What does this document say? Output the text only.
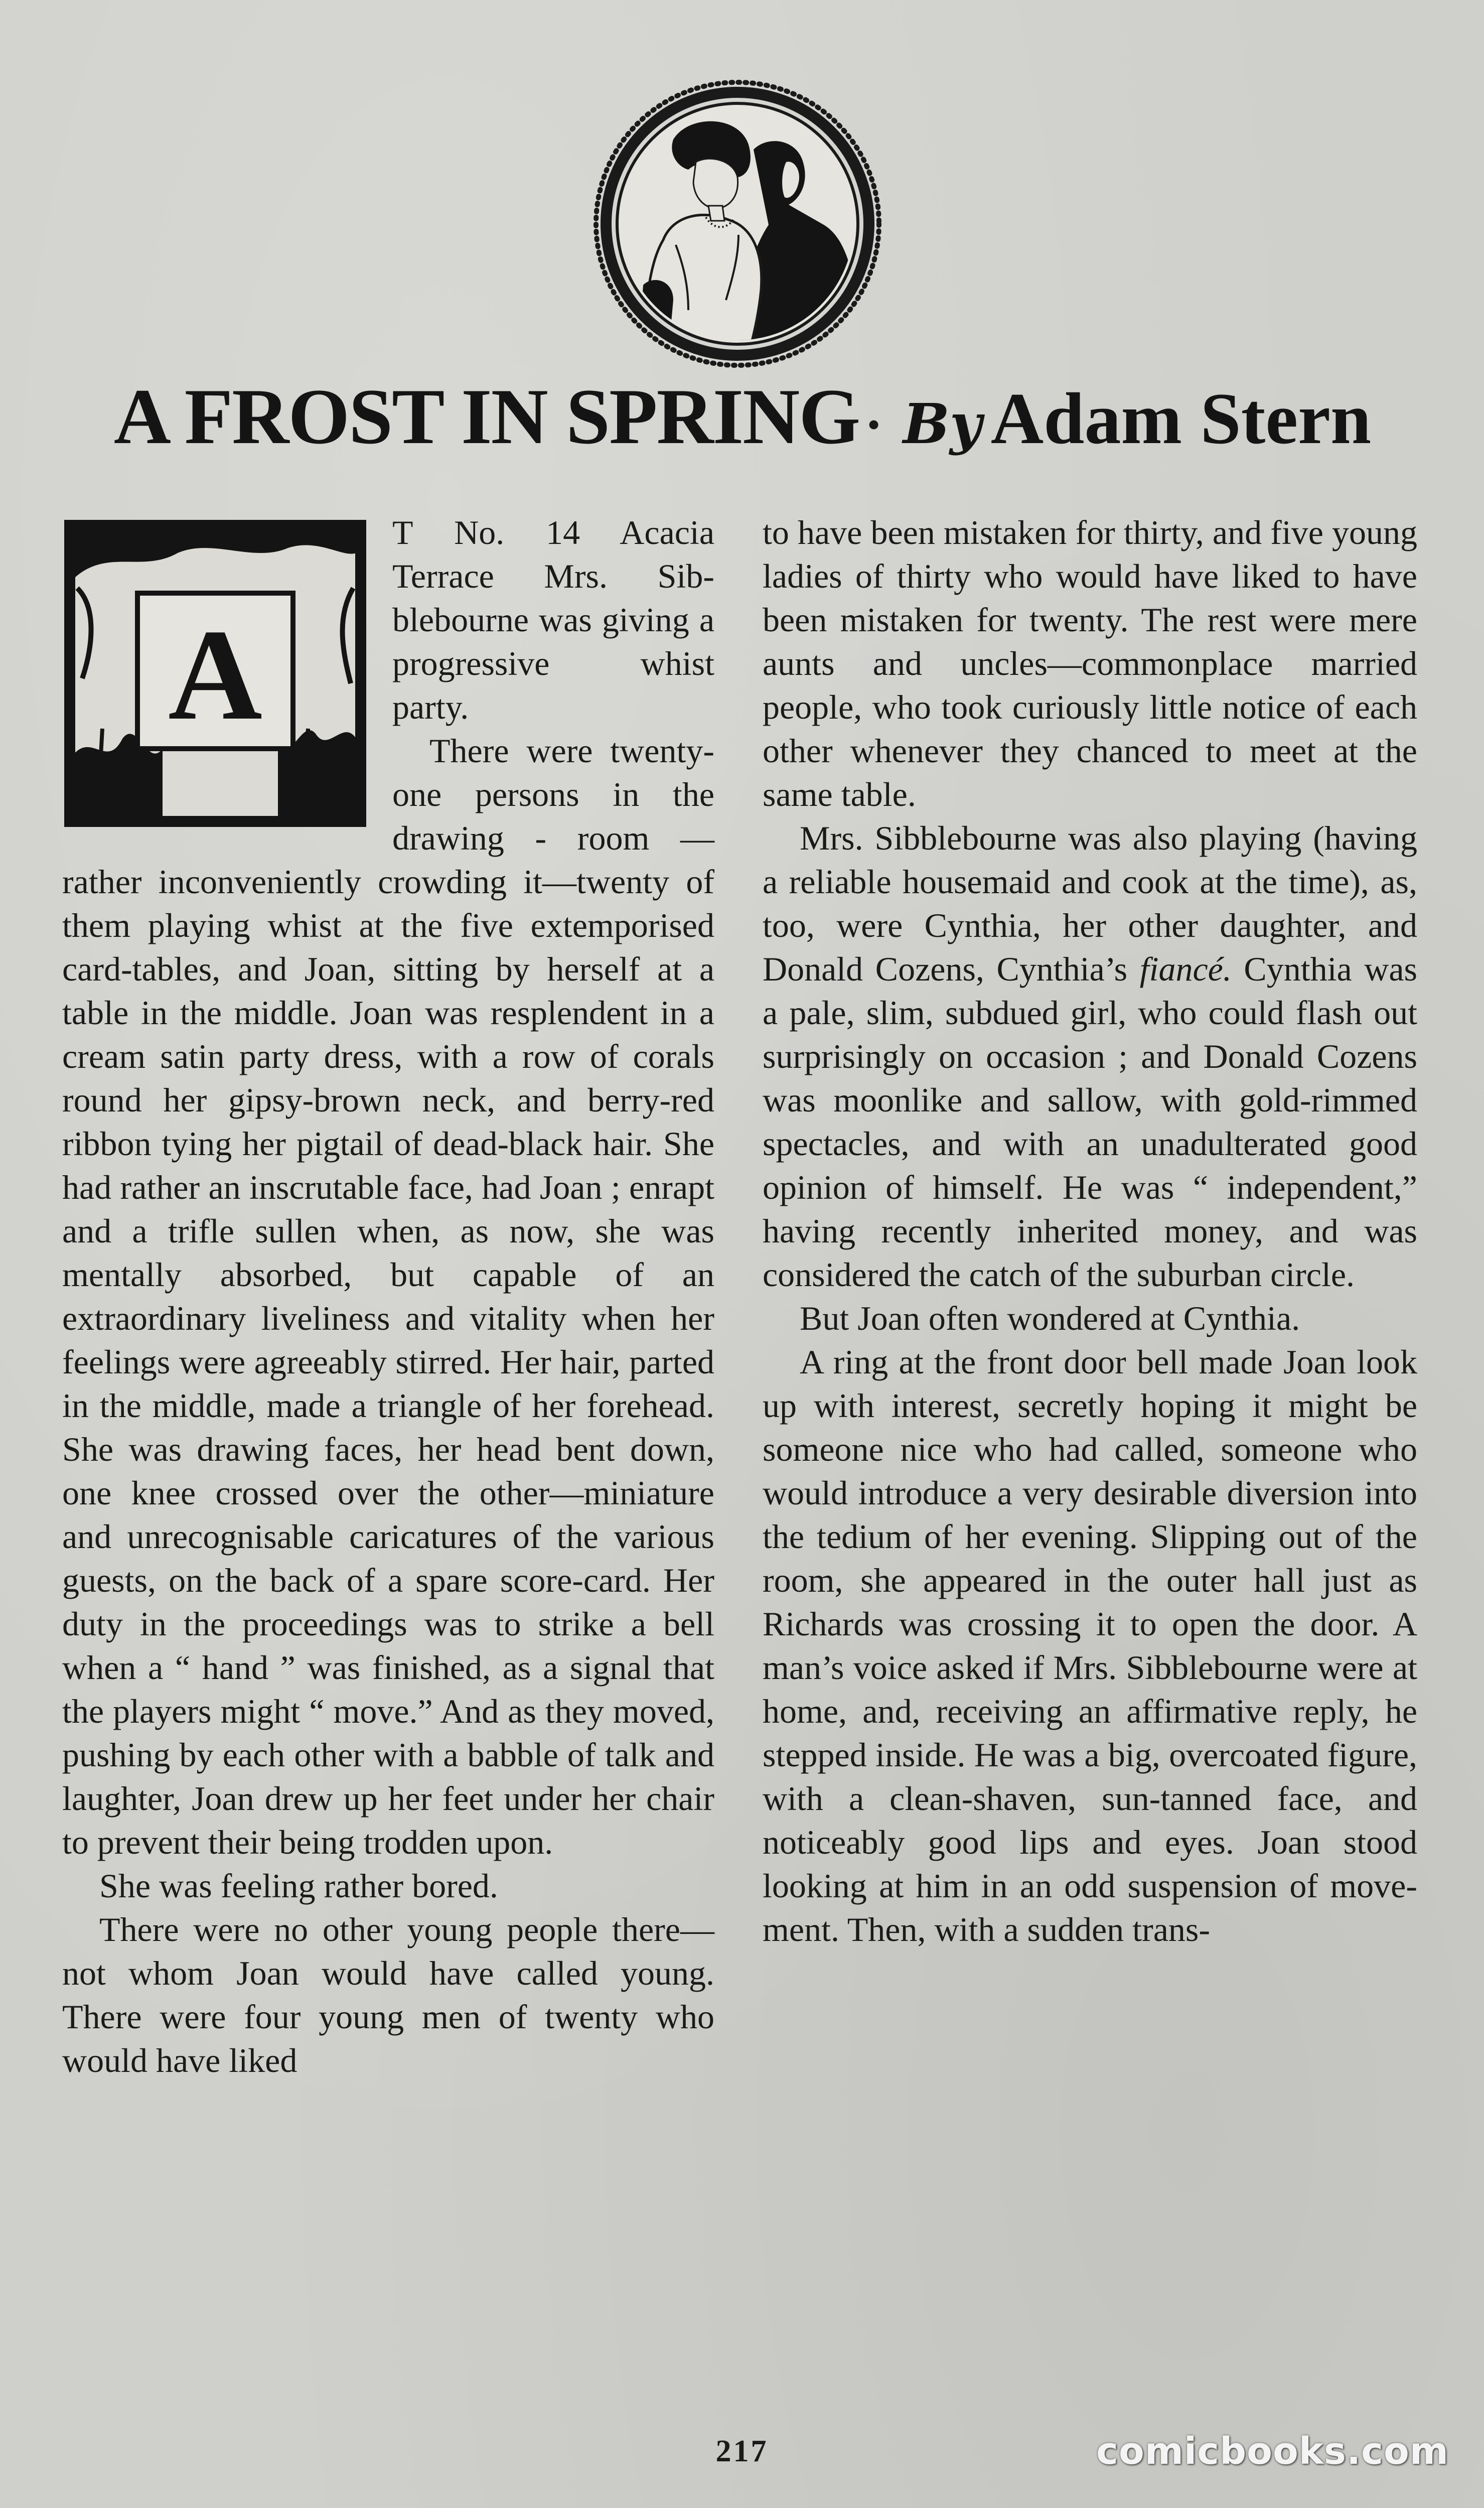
A FROST IN SPRING · By Adam Stern
A

T No. 14 Acacia Terrace Mrs. Sibblebourne was giving a progressive whist party.

There were twenty-one persons in the drawing - room — rather inconveniently crowding it—twenty of them playing whist at the five extemporised card-tables, and Joan, sitting by herself at a table in the middle. Joan was resplendent in a cream satin party dress, with a row of corals round her gipsy-brown neck, and berry-red ribbon tying her pigtail of dead-black hair. She had rather an inscrutable face, had Joan ; enrapt and a trifle sullen when, as now, she was mentally absorbed, but capable of an extraordinary liveliness and vitality when her feelings were agreeably stirred. Her hair, parted in the middle, made a triangle of her forehead. She was drawing faces, her head bent down, one knee crossed over the other—miniature and unrecognisable caricatures of the various guests, on the back of a spare score-card. Her duty in the proceedings was to strike a bell when a “ hand ” was finished, as a signal that the players might “ move.” And as they moved, pushing by each other with a babble of talk and laughter, Joan drew up her feet under her chair to prevent their being trodden upon.

She was feeling rather bored.

There were no other young people there—not whom Joan would have called young. There were four young men of twenty who would have liked

to have been mistaken for thirty, and five young ladies of thirty who would have liked to have been mistaken for twenty. The rest were mere aunts and uncles—commonplace married people, who took curiously little notice of each other whenever they chanced to meet at the same table.

Mrs. Sibblebourne was also playing (having a reliable housemaid and cook at the time), as, too, were Cynthia, her other daughter, and Donald Cozens, Cynthia’s fiancé. Cynthia was a pale, slim, subdued girl, who could flash out surprisingly on occasion ; and Donald Cozens was moonlike and sallow, with gold-rimmed spectacles, and with an unadulterated good opinion of himself. He was “ independent,” having recently inherited money, and was considered the catch of the suburban circle.

But Joan often wondered at Cynthia.

A ring at the front door bell made Joan look up with interest, secretly hoping it might be someone nice who had called, someone who would introduce a very desirable diversion into the tedium of her evening. Slipping out of the room, she appeared in the outer hall just as Richards was crossing it to open the door. A man’s voice asked if Mrs. Sibblebourne were at home, and, receiving an affirmative reply, he stepped inside. He was a big, overcoated figure, with a clean-shaven, sun-tanned face, and noticeably good lips and eyes. Joan stood looking at him in an odd suspension of movement. Then, with a sudden trans-

217	comicbooks.com
